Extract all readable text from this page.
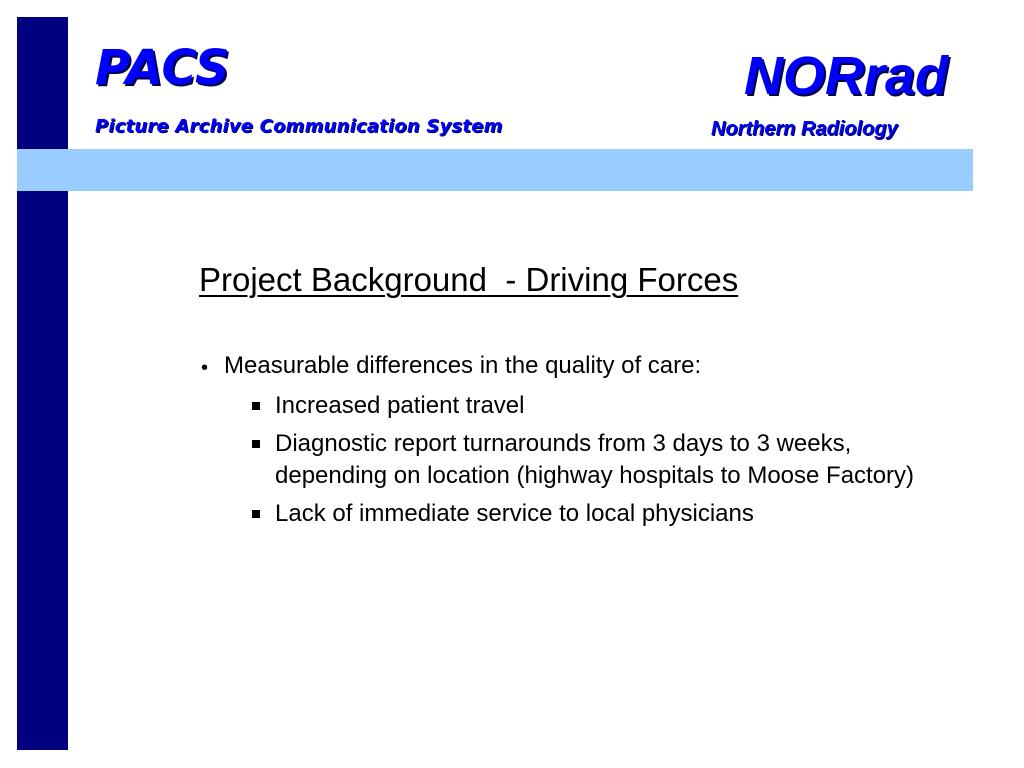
PACS

Picture Archive Communication System

NORrad

Northern Radiology

Project Background  - Driving Forces
• Measurable differences in the quality of care:
Increased patient travel
Diagnostic report turnarounds from 3 days to 3 weeks, depending on location (highway hospitals to Moose Factory)
Lack of immediate service to local physicians
